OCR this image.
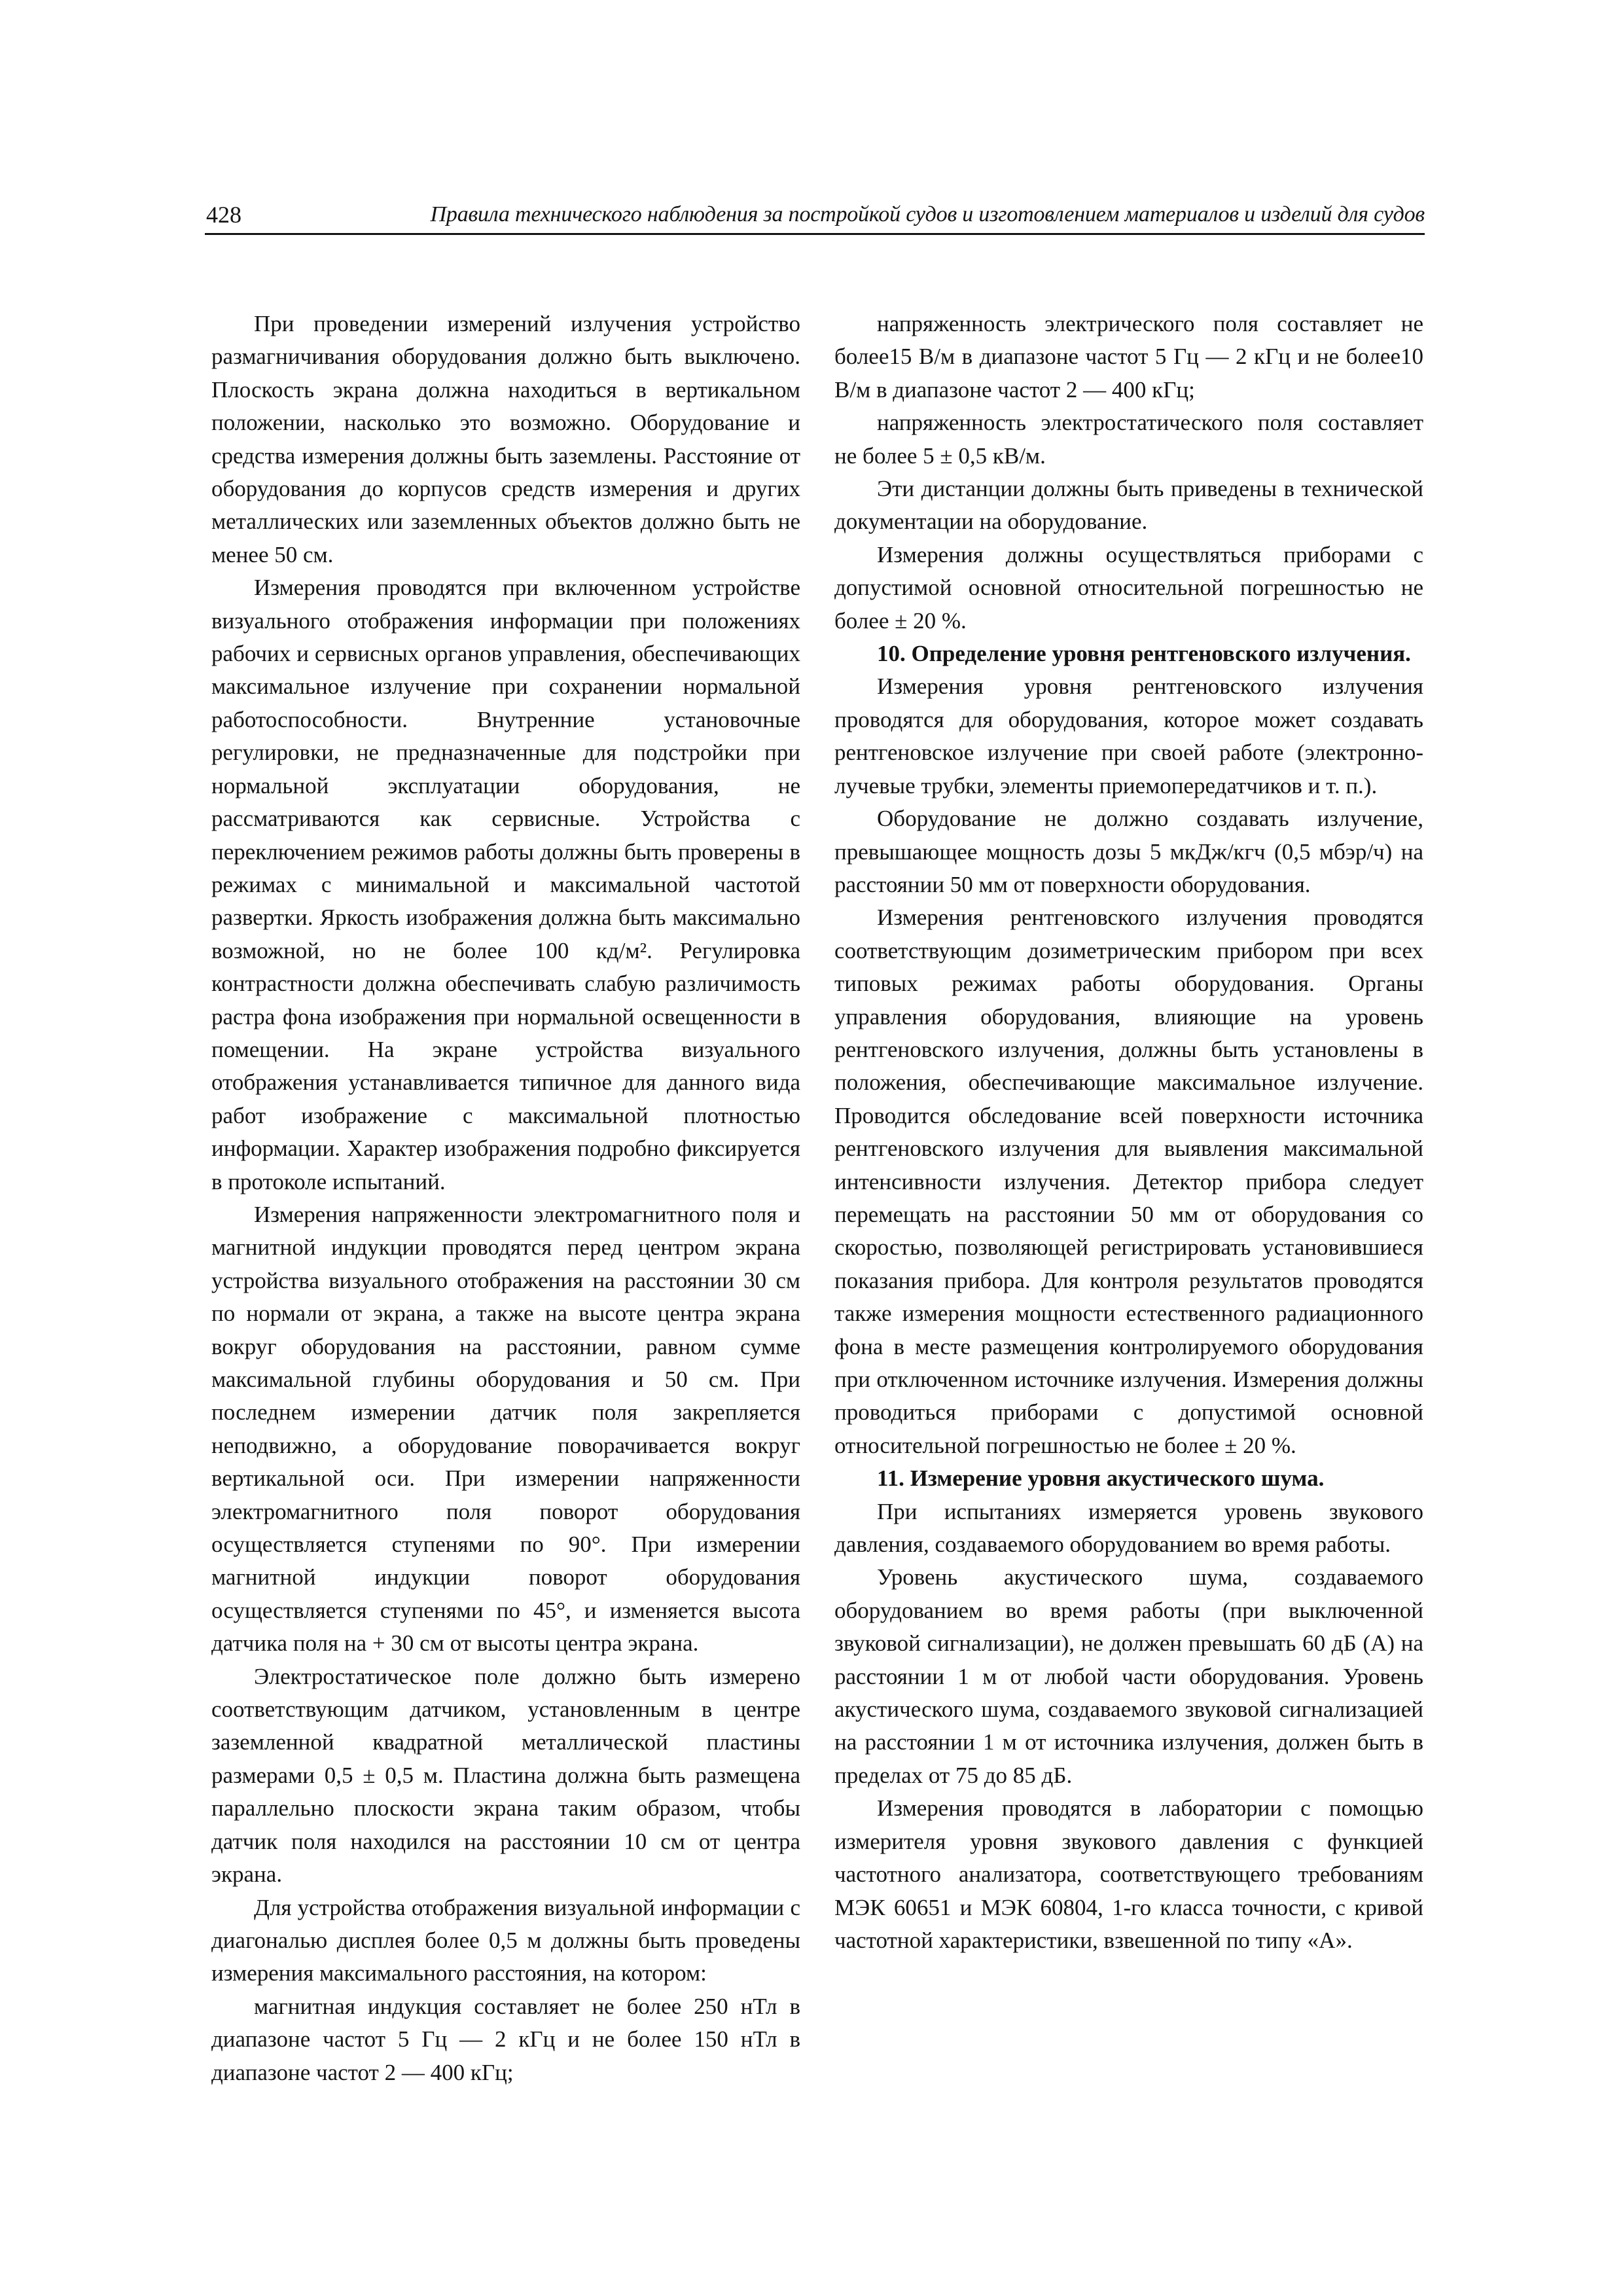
428	Правила технического наблюдения за постройкой судов и изготовлением материалов и изделий для судов

При проведении измерений излучения устройство размагничивания оборудования должно быть выключено. Плоскость экрана должна находиться в вертикальном положении, насколько это возможно. Оборудование и средства измерения должны быть заземлены. Расстояние от оборудования до корпусов средств измерения и других металлических или заземленных объектов должно быть не менее 50 см.

Измерения проводятся при включенном устройстве визуального отображения информации при положениях рабочих и сервисных органов управления, обеспечивающих максимальное излучение при сохранении нормальной работоспособности. Внутренние установочные регулировки, не предназначенные для подстройки при нормальной эксплуатации оборудования, не рассматриваются как сервисные. Устройства с переключением режимов работы должны быть проверены в режимах с минимальной и максимальной частотой развертки. Яркость изображения должна быть максимально возможной, но не более 100 кд/м². Регулировка контрастности должна обеспечивать слабую различимость растра фона изображения при нормальной освещенности в помещении. На экране устройства визуального отображения устанавливается типичное для данного вида работ изображение с максимальной плотностью информации. Характер изображения подробно фиксируется в протоколе испытаний.

Измерения напряженности электромагнитного поля и магнитной индукции проводятся перед центром экрана устройства визуального отображения на расстоянии 30 см по нормали от экрана, а также на высоте центра экрана вокруг оборудования на расстоянии, равном сумме максимальной глубины оборудования и 50 см. При последнем измерении датчик поля закрепляется неподвижно, а оборудование поворачивается вокруг вертикальной оси. При измерении напряженности электромагнитного поля поворот оборудования осуществляется ступенями по 90°. При измерении магнитной индукции поворот оборудования осуществляется ступенями по 45°, и изменяется высота датчика поля на + 30 см от высоты центра экрана.

Электростатическое поле должно быть измерено соответствующим датчиком, установленным в центре заземленной квадратной металлической пластины размерами 0,5 ± 0,5 м. Пластина должна быть размещена параллельно плоскости экрана таким образом, чтобы датчик поля находился на расстоянии 10 см от центра экрана.

Для устройства отображения визуальной информации с диагональю дисплея более 0,5 м должны быть проведены измерения максимального расстояния, на котором:

магнитная индукция составляет не более 250 нТл в диапазоне частот 5 Гц — 2 кГц и не более 150 нТл в диапазоне частот 2 — 400 кГц;

напряженность электрического поля составляет не более15 В/м в диапазоне частот 5 Гц — 2 кГц и не более10 В/м в диапазоне частот 2 — 400 кГц;

напряженность электростатического поля составляет не более 5 ± 0,5 кВ/м.

Эти дистанции должны быть приведены в технической документации на оборудование.

Измерения должны осуществляться приборами с допустимой основной относительной погрешностью не более ± 20 %.

10. Определение уровня рентгеновского излучения.

Измерения уровня рентгеновского излучения проводятся для оборудования, которое может создавать рентгеновское излучение при своей работе (электронно-лучевые трубки, элементы приемопередатчиков и т. п.).

Оборудование не должно создавать излучение, превышающее мощность дозы 5 мкДж/кгч (0,5 мбэр/ч) на расстоянии 50 мм от поверхности оборудования.

Измерения рентгеновского излучения проводятся соответствующим дозиметрическим прибором при всех типовых режимах работы оборудования. Органы управления оборудования, влияющие на уровень рентгеновского излучения, должны быть установлены в положения, обеспечивающие максимальное излучение. Проводится обследование всей поверхности источника рентгеновского излучения для выявления максимальной интенсивности излучения. Детектор прибора следует перемещать на расстоянии 50 мм от оборудования со скоростью, позволяющей регистрировать установившиеся показания прибора. Для контроля результатов проводятся также измерения мощности естественного радиационного фона в месте размещения контролируемого оборудования при отключенном источнике излучения. Измерения должны проводиться приборами с допустимой основной относительной погрешностью не более ± 20 %.

11. Измерение уровня акустического шума.

При испытаниях измеряется уровень звукового давления, создаваемого оборудованием во время работы.

Уровень акустического шума, создаваемого оборудованием во время работы (при выключенной звуковой сигнализации), не должен превышать 60 дБ (А) на расстоянии 1 м от любой части оборудования. Уровень акустического шума, создаваемого звуковой сигнализацией на расстоянии 1 м от источника излучения, должен быть в пределах от 75 до 85 дБ.

Измерения проводятся в лаборатории с помощью измерителя уровня звукового давления с функцией частотного анализатора, соответствующего требованиям МЭК 60651 и МЭК 60804, 1-го класса точности, с кривой частотной характеристики, взвешенной по типу «А».
